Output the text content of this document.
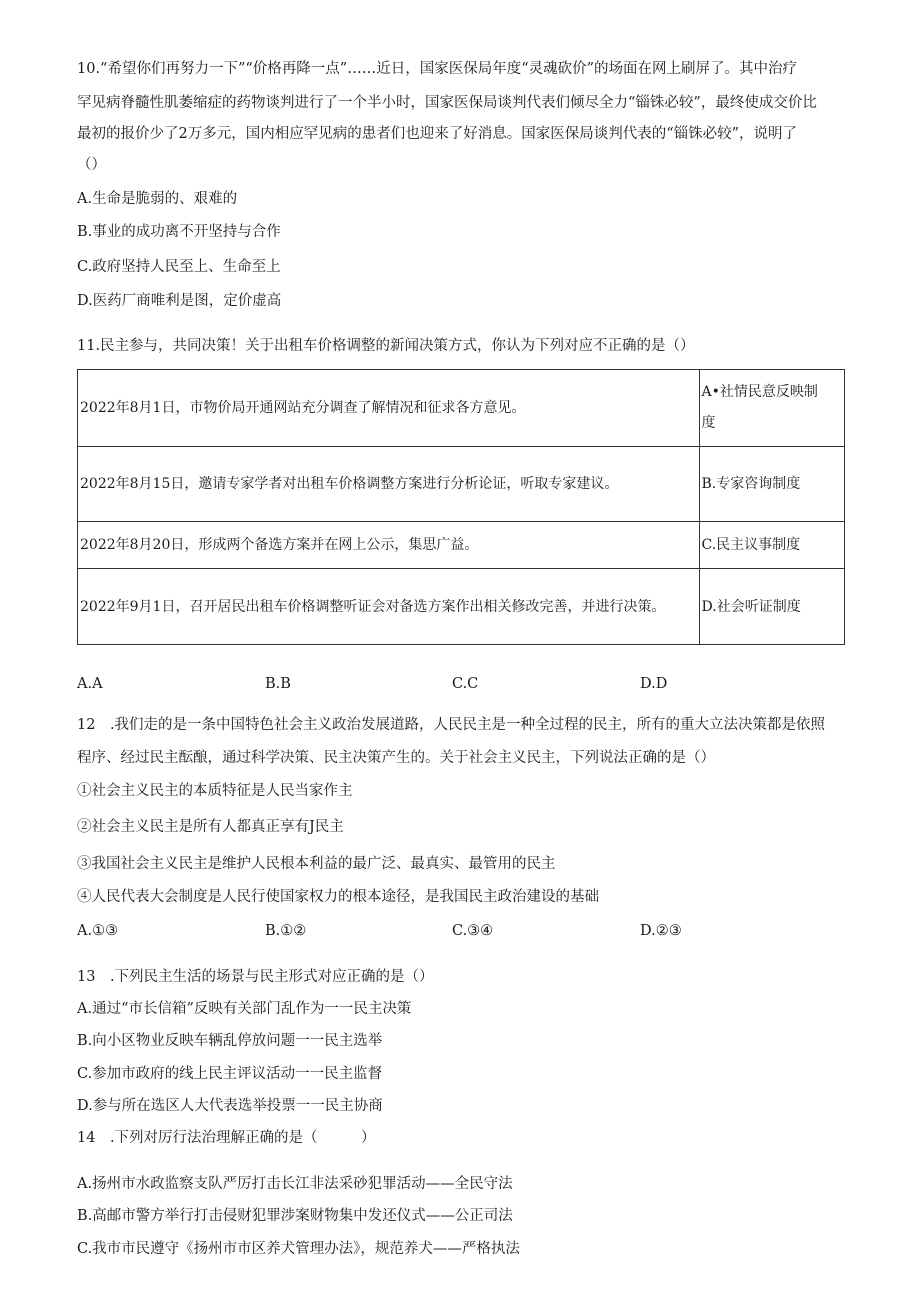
10.“希望你们再努力一下”“价格再降一点”……近日，国家医保局年度“灵魂砍价”的场面在网上刷屏了。其中治疗
罕见病脊髓性肌萎缩症的药物谈判进行了一个半小时，国家医保局谈判代表们倾尽全力“锱铢必较”，最终使成交价比
最初的报价少了2万多元，国内相应罕见病的患者们也迎来了好消息。国家医保局谈判代表的“锱铢必较”，说明了
（）
A.生命是脆弱的、艰难的
B.事业的成功离不开坚持与合作
C.政府坚持人民至上、生命至上
D.医药厂商唯利是图，定价虚高
11.民主参与，共同决策！关于出租车价格调整的新闻决策方式，你认为下列对应不正确的是（）
2022年8月1日，市物价局开通网站充分调查了解情况和征求各方意见。	A•社情民意反映制
度

2022年8月15日，邀请专家学者对出租车价格调整方案进行分析论证，听取专家建议。	B.专家咨询制度
2022年8月20日，形成两个备选方案并在网上公示，集思广益。	C.民主议事制度
2022年9月1日，召开居民出租车价格调整听证会对备选方案作出相关修改完善，并进行决策。	D.社会听证制度
A.A	B.B	C.C	D.D
12　.我们走的是一条中国特色社会主义政治发展道路，人民民主是一种全过程的民主，所有的重大立法决策都是依照
程序、经过民主酝酿，通过科学决策、民主决策产生的。关于社会主义民主，下列说法正确的是（）
①社会主义民主的本质特征是人民当家作主
②社会主义民主是所有人都真正享有J民主
③我国社会主义民主是维护人民根本利益的最广泛、最真实、最管用的民主
④人民代表大会制度是人民行使国家权力的根本途径，是我国民主政治建设的基础
A.①③	B.①②	C.③④	D.②③
13　.下列民主生活的场景与民主形式对应正确的是（）
A.通过“市长信箱”反映有关部门乱作为一一民主决策
B.向小区物业反映车辆乱停放问题一一民主选举
C.参加市政府的线上民主评议活动一一民主监督
D.参与所在选区人大代表选举投票一一民主协商
14　.下列对厉行法治理解正确的是（　　　）
A.扬州市水政监察支队严厉打击长江非法采砂犯罪活动——全民守法
B.高邮市警方举行打击侵财犯罪涉案财物集中发还仪式——公正司法
C.我市市民遵守《扬州市市区养犬管理办法》，规范养犬——严格执法
